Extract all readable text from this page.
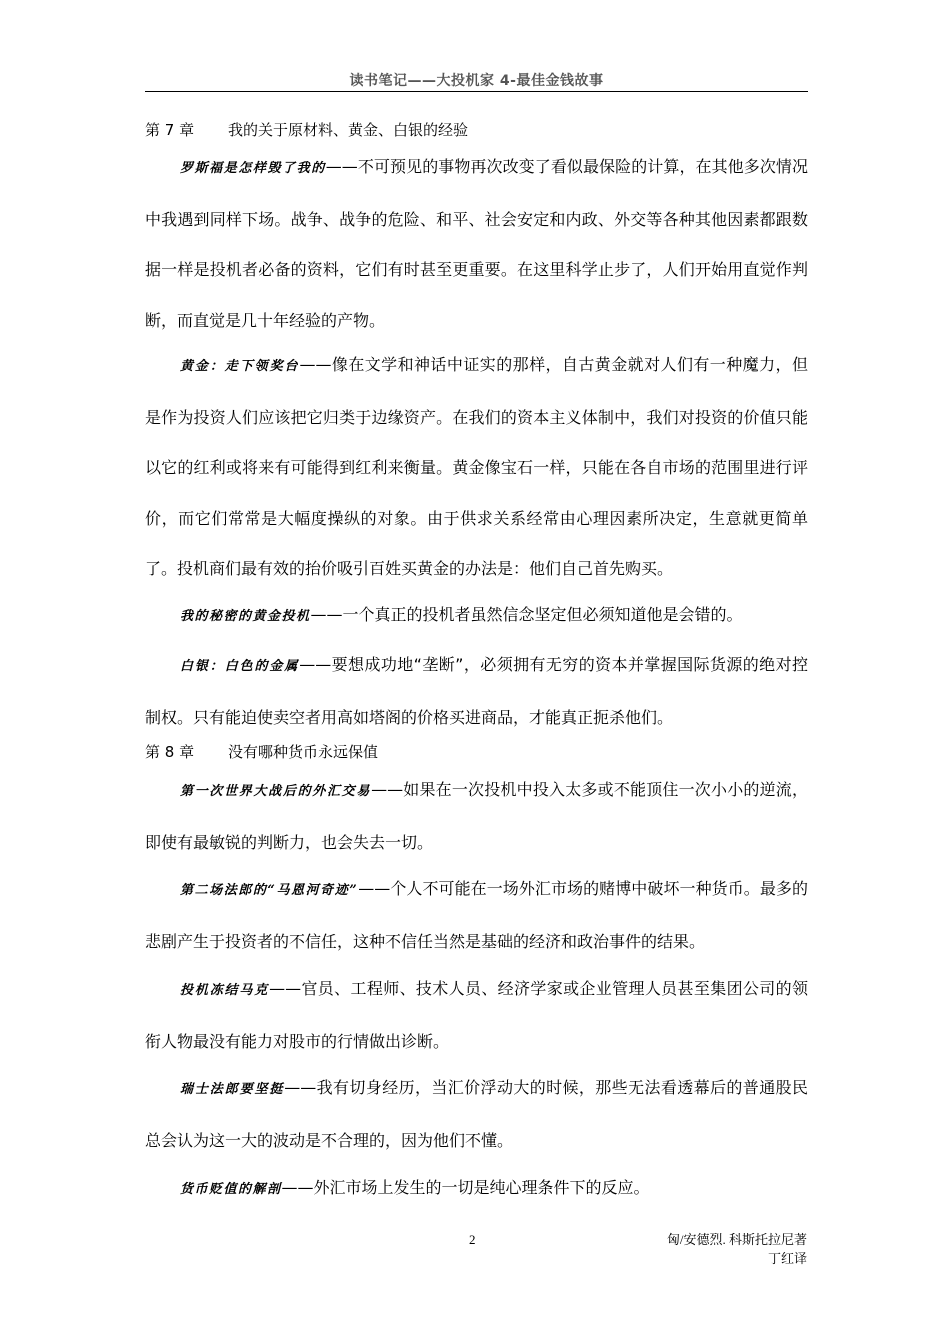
读书笔记——大投机家 4-最佳金钱故事
第 7 章 我的关于原材料、黄金、白银的经验
罗斯福是怎样毁了我的——不可预见的事物再次改变了看似最保险的计算，在其他多次情况中我遇到同样下场。战争、战争的危险、和平、社会安定和内政、外交等各种其他因素都跟数据一样是投机者必备的资料，它们有时甚至更重要。在这里科学止步了，人们开始用直觉作判断，而直觉是几十年经验的产物。
黄金：走下领奖台——像在文学和神话中证实的那样，自古黄金就对人们有一种魔力，但是作为投资人们应该把它归类于边缘资产。在我们的资本主义体制中，我们对投资的价值只能以它的红利或将来有可能得到红利来衡量。黄金像宝石一样，只能在各自市场的范围里进行评价，而它们常常是大幅度操纵的对象。由于供求关系经常由心理因素所决定，生意就更简单了。投机商们最有效的抬价吸引百姓买黄金的办法是：他们自己首先购买。
我的秘密的黄金投机——一个真正的投机者虽然信念坚定但必须知道他是会错的。
白银：白色的金属——要想成功地“垄断”，必须拥有无穷的资本并掌握国际货源的绝对控制权。只有能迫使卖空者用高如塔阁的价格买进商品，才能真正扼杀他们。
第 8 章 没有哪种货币永远保值
第一次世界大战后的外汇交易——如果在一次投机中投入太多或不能顶住一次小小的逆流，即使有最敏锐的判断力，也会失去一切。
第二场法郎的“马恩河奇迹”——个人不可能在一场外汇市场的赌博中破坏一种货币。最多的悲剧产生于投资者的不信任，这种不信任当然是基础的经济和政治事件的结果。
投机冻结马克——官员、工程师、技术人员、经济学家或企业管理人员甚至集团公司的领衔人物最没有能力对股市的行情做出诊断。
瑞士法郎要坚挺——我有切身经历，当汇价浮动大的时候，那些无法看透幕后的普通股民总会认为这一大的波动是不合理的，因为他们不懂。
货币贬值的解剖——外汇市场上发生的一切是纯心理条件下的反应。
2	匈/安德烈. 科斯托拉尼著
丁红译
